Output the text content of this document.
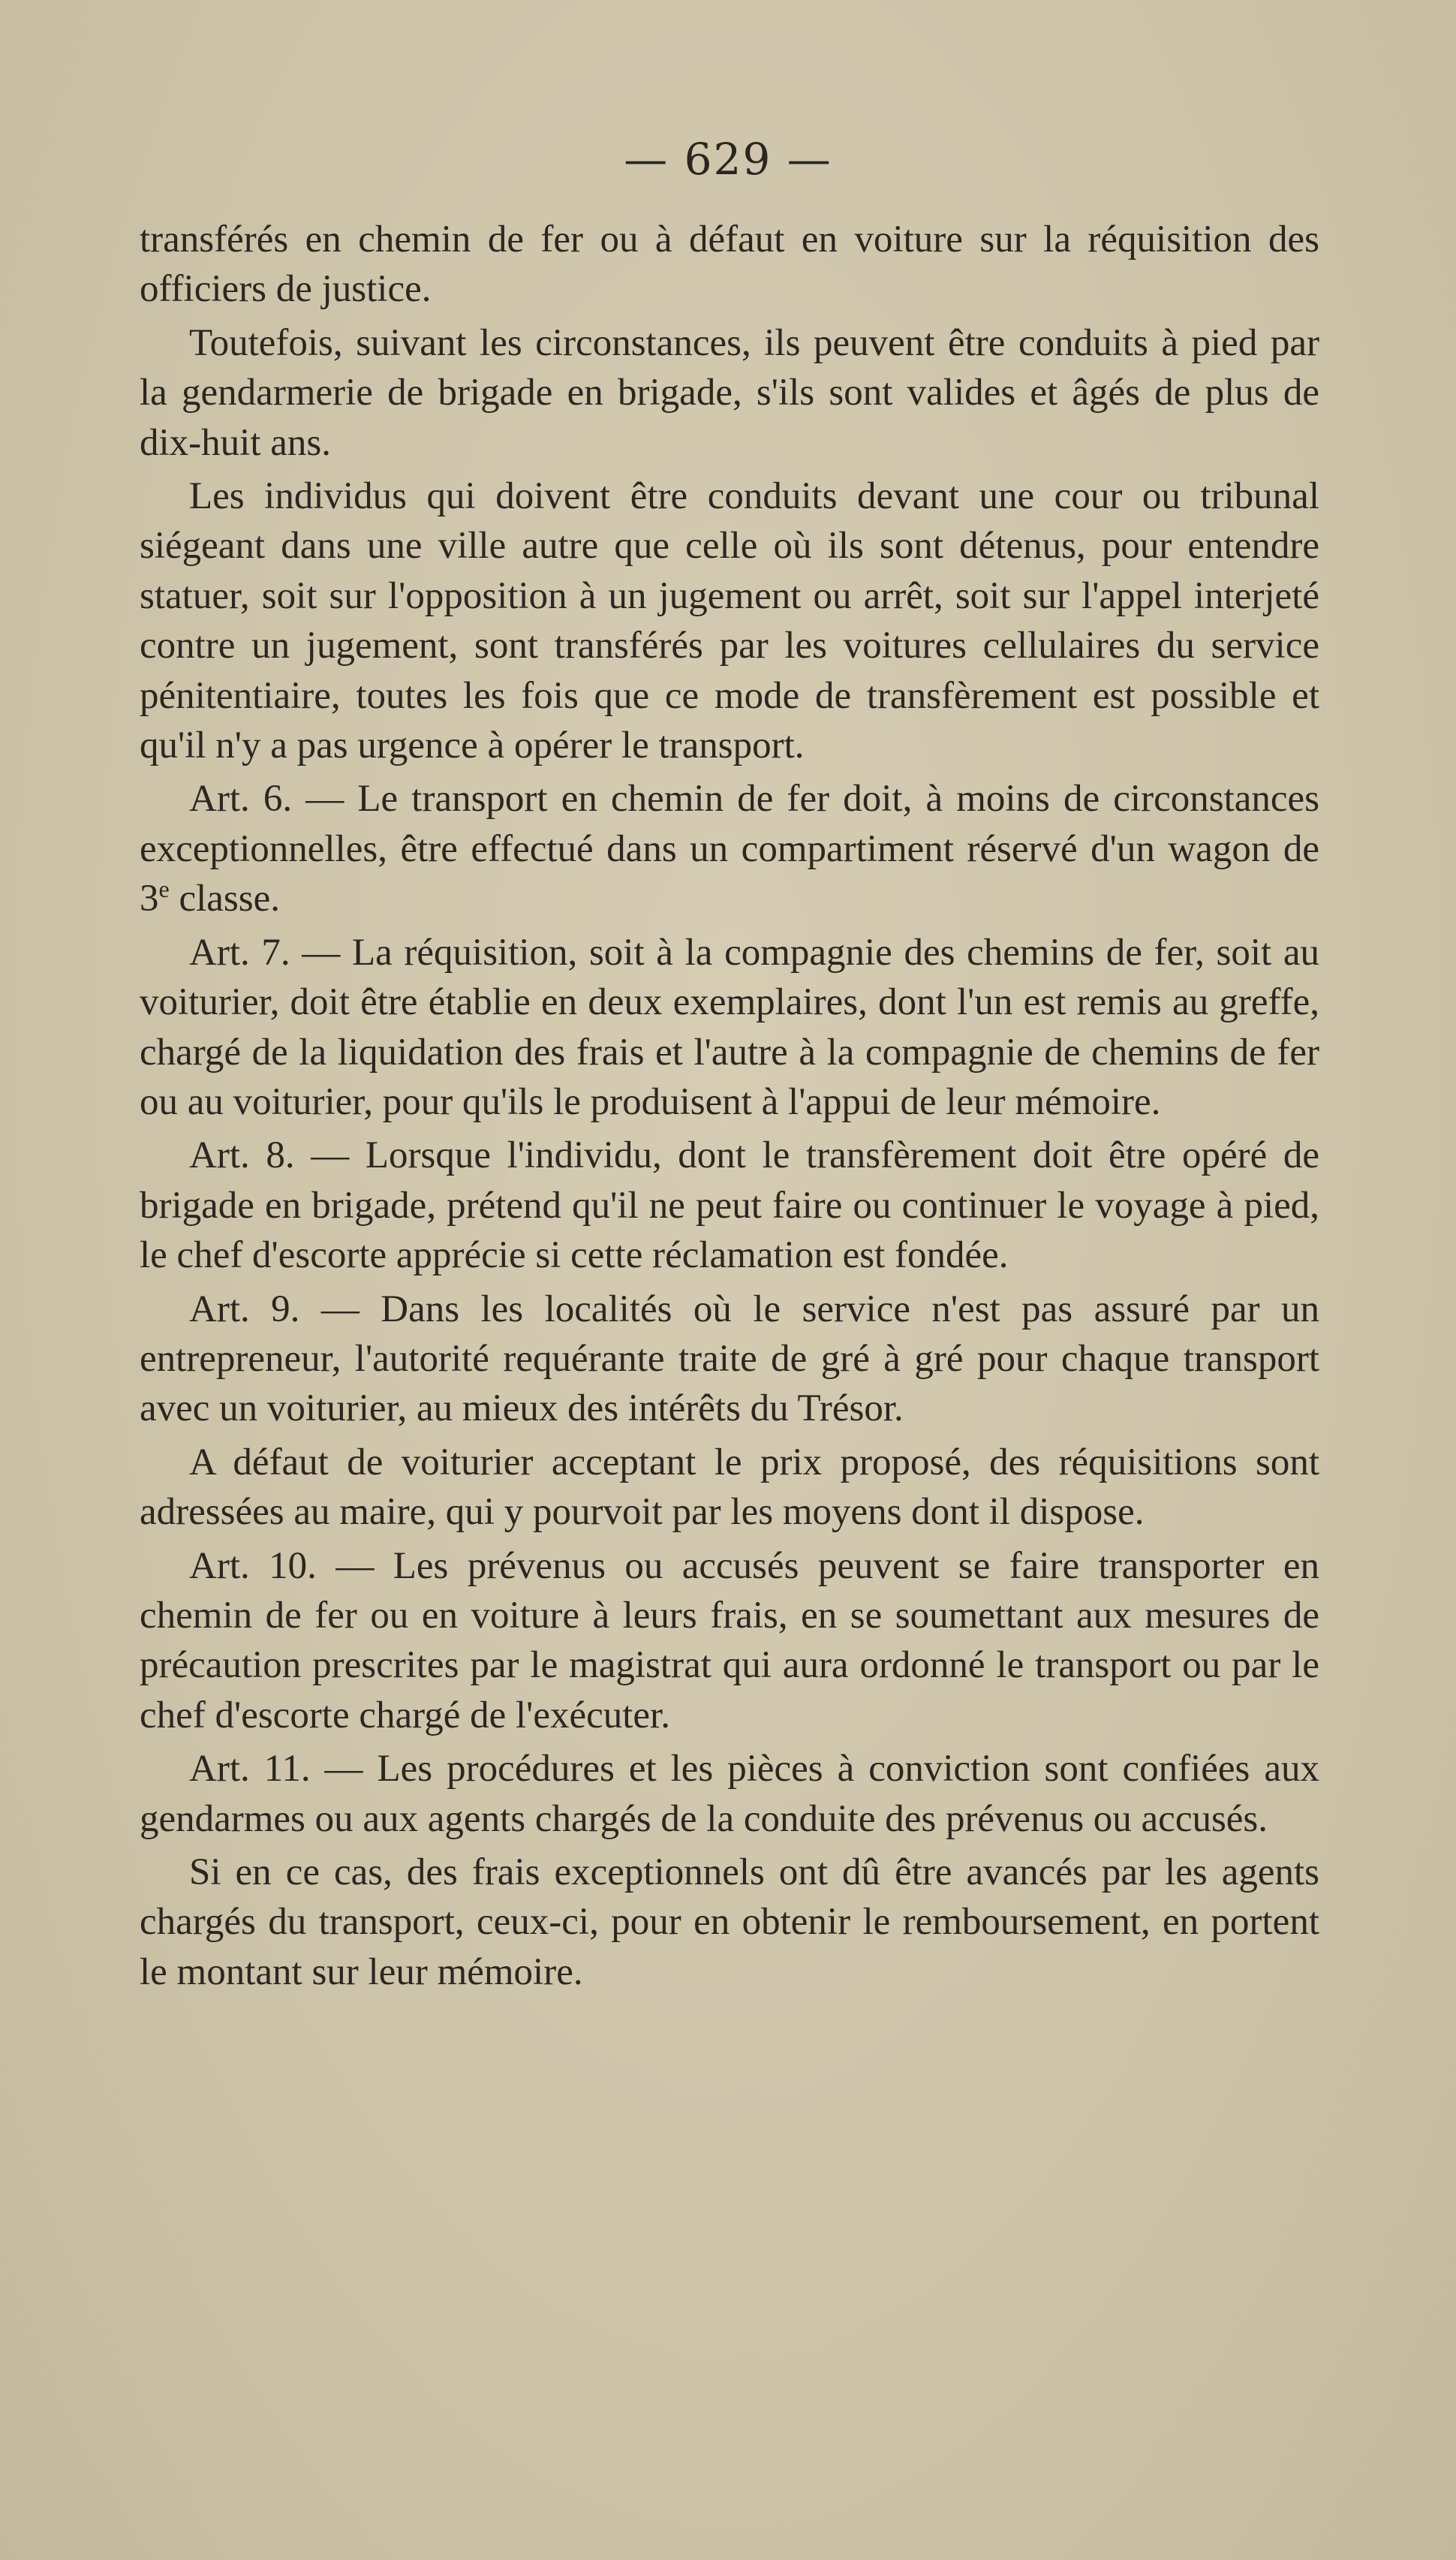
— 629 —

transférés en chemin de fer ou à défaut en voiture sur la réquisition des officiers de justice.

Toutefois, suivant les circonstances, ils peuvent être conduits à pied par la gendarmerie de brigade en brigade, s'ils sont valides et âgés de plus de dix-huit ans.

Les individus qui doivent être conduits devant une cour ou tribunal siégeant dans une ville autre que celle où ils sont détenus, pour entendre statuer, soit sur l'opposition à un jugement ou arrêt, soit sur l'appel interjeté contre un jugement, sont transférés par les voitures cellulaires du service pénitentiaire, toutes les fois que ce mode de transfèrement est possible et qu'il n'y a pas urgence à opérer le transport.

Art. 6. — Le transport en chemin de fer doit, à moins de circonstances exceptionnelles, être effectué dans un compartiment réservé d'un wagon de 3e classe.

Art. 7. — La réquisition, soit à la compagnie des chemins de fer, soit au voiturier, doit être établie en deux exemplaires, dont l'un est remis au greffe, chargé de la liquidation des frais et l'autre à la compagnie de chemins de fer ou au voiturier, pour qu'ils le produisent à l'appui de leur mémoire.

Art. 8. — Lorsque l'individu, dont le transfèrement doit être opéré de brigade en brigade, prétend qu'il ne peut faire ou continuer le voyage à pied, le chef d'escorte apprécie si cette réclamation est fondée.

Art. 9. — Dans les localités où le service n'est pas assuré par un entrepreneur, l'autorité requérante traite de gré à gré pour chaque transport avec un voiturier, au mieux des intérêts du Trésor.

A défaut de voiturier acceptant le prix proposé, des réquisitions sont adressées au maire, qui y pourvoit par les moyens dont il dispose.

Art. 10. — Les prévenus ou accusés peuvent se faire transporter en chemin de fer ou en voiture à leurs frais, en se soumettant aux mesures de précaution prescrites par le magistrat qui aura ordonné le transport ou par le chef d'escorte chargé de l'exécuter.

Art. 11. — Les procédures et les pièces à conviction sont confiées aux gendarmes ou aux agents chargés de la conduite des prévenus ou accusés.

Si en ce cas, des frais exceptionnels ont dû être avancés par les agents chargés du transport, ceux-ci, pour en obtenir le remboursement, en portent le montant sur leur mémoire.
